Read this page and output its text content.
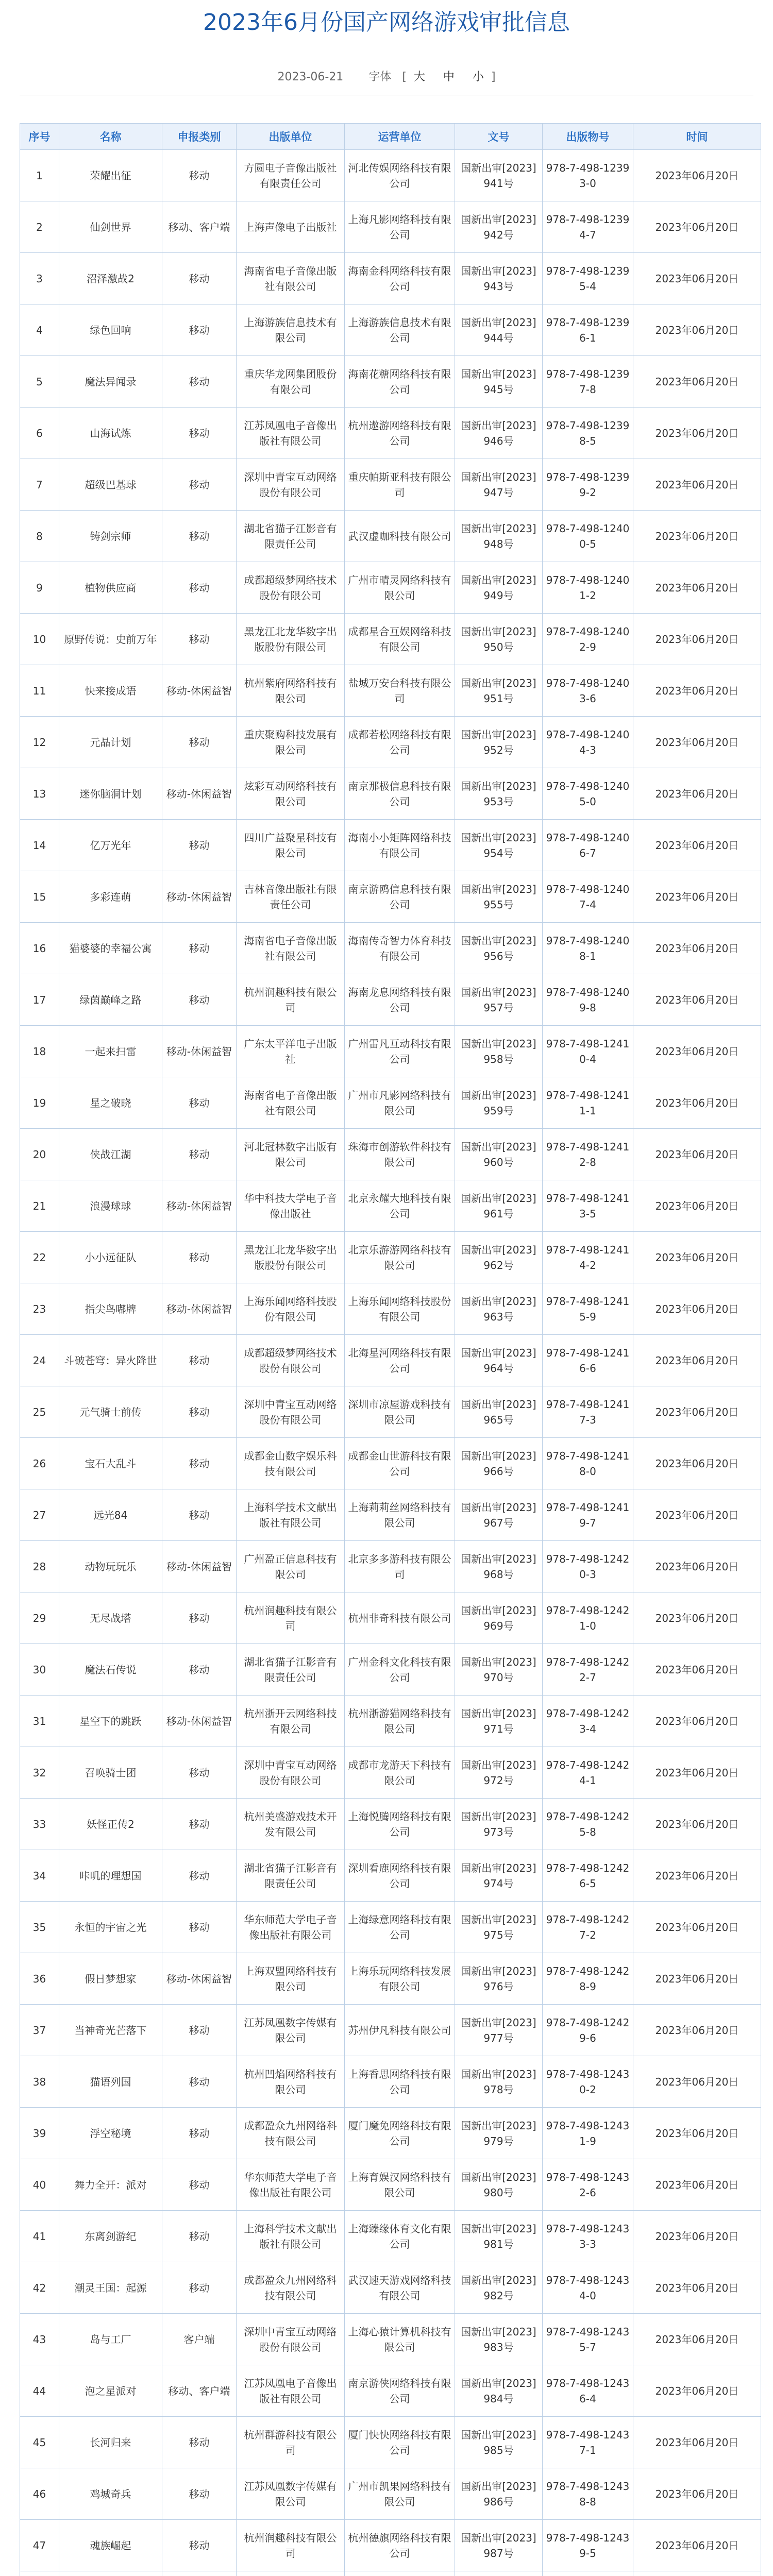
2023年6月份国产网络游戏审批信息
2023-06-21 字体 [ 大 中 小 ]
序号	名称	申报类别	出版单位	运营单位	文号	出版物号	时间
1	荣耀出征	移动	方圆电子音像出版社有限责任公司	河北传娱网络科技有限公司	国新出审[2023]941号	978-7-498-12393-0	2023年06月20日
2	仙剑世界	移动、客户端	上海声像电子出版社	上海凡影网络科技有限公司	国新出审[2023]942号	978-7-498-12394-7	2023年06月20日
3	沼泽激战2	移动	海南省电子音像出版社有限公司	海南金科网络科技有限公司	国新出审[2023]943号	978-7-498-12395-4	2023年06月20日
4	绿色回响	移动	上海游族信息技术有限公司	上海游族信息技术有限公司	国新出审[2023]944号	978-7-498-12396-1	2023年06月20日
5	魔法异闻录	移动	重庆华龙网集团股份有限公司	海南花糖网络科技有限公司	国新出审[2023]945号	978-7-498-12397-8	2023年06月20日
6	山海试炼	移动	江苏凤凰电子音像出版社有限公司	杭州遨游网络科技有限公司	国新出审[2023]946号	978-7-498-12398-5	2023年06月20日
7	超级巴基球	移动	深圳中青宝互动网络股份有限公司	重庆帕斯亚科技有限公司	国新出审[2023]947号	978-7-498-12399-2	2023年06月20日
8	铸剑宗师	移动	湖北省猫子江影音有限责任公司	武汉虚咖科技有限公司	国新出审[2023]948号	978-7-498-12400-5	2023年06月20日
9	植物供应商	移动	成都超级梦网络技术股份有限公司	广州市晴灵网络科技有限公司	国新出审[2023]949号	978-7-498-12401-2	2023年06月20日
10	原野传说：史前万年	移动	黑龙江北龙华数字出版股份有限公司	成都星合互娱网络科技有限公司	国新出审[2023]950号	978-7-498-12402-9	2023年06月20日
11	快来接成语	移动-休闲益智	杭州紫府网络科技有限公司	盐城万安台科技有限公司	国新出审[2023]951号	978-7-498-12403-6	2023年06月20日
12	元晶计划	移动	重庆聚购科技发展有限公司	成都若松网络科技有限公司	国新出审[2023]952号	978-7-498-12404-3	2023年06月20日
13	迷你脑洞计划	移动-休闲益智	炫彩互动网络科技有限公司	南京那极信息科技有限公司	国新出审[2023]953号	978-7-498-12405-0	2023年06月20日
14	亿万光年	移动	四川广益聚星科技有限公司	海南小小矩阵网络科技有限公司	国新出审[2023]954号	978-7-498-12406-7	2023年06月20日
15	多彩连萌	移动-休闲益智	吉林音像出版社有限责任公司	南京游鸥信息科技有限公司	国新出审[2023]955号	978-7-498-12407-4	2023年06月20日
16	猫婆婆的幸福公寓	移动	海南省电子音像出版社有限公司	海南传奇智力体育科技有限公司	国新出审[2023]956号	978-7-498-12408-1	2023年06月20日
17	绿茵巅峰之路	移动	杭州润趣科技有限公司	海南龙息网络科技有限公司	国新出审[2023]957号	978-7-498-12409-8	2023年06月20日
18	一起来扫雷	移动-休闲益智	广东太平洋电子出版社	广州雷凡互动科技有限公司	国新出审[2023]958号	978-7-498-12410-4	2023年06月20日
19	星之破晓	移动	海南省电子音像出版社有限公司	广州市凡影网络科技有限公司	国新出审[2023]959号	978-7-498-12411-1	2023年06月20日
20	侠战江湖	移动	河北冠林数字出版有限公司	珠海市创游软件科技有限公司	国新出审[2023]960号	978-7-498-12412-8	2023年06月20日
21	浪漫球球	移动-休闲益智	华中科技大学电子音像出版社	北京永耀大地科技有限公司	国新出审[2023]961号	978-7-498-12413-5	2023年06月20日
22	小小远征队	移动	黑龙江北龙华数字出版股份有限公司	北京乐游游网络科技有限公司	国新出审[2023]962号	978-7-498-12414-2	2023年06月20日
23	指尖鸟嘟牌	移动-休闲益智	上海乐闻网络科技股份有限公司	上海乐闻网络科技股份有限公司	国新出审[2023]963号	978-7-498-12415-9	2023年06月20日
24	斗破苍穹：异火降世	移动	成都超级梦网络技术股份有限公司	北海星河网络科技有限公司	国新出审[2023]964号	978-7-498-12416-6	2023年06月20日
25	元气骑士前传	移动	深圳中青宝互动网络股份有限公司	深圳市凉屋游戏科技有限公司	国新出审[2023]965号	978-7-498-12417-3	2023年06月20日
26	宝石大乱斗	移动	成都金山数字娱乐科技有限公司	成都金山世游科技有限公司	国新出审[2023]966号	978-7-498-12418-0	2023年06月20日
27	远光84	移动	上海科学技术文献出版社有限公司	上海莉莉丝网络科技有限公司	国新出审[2023]967号	978-7-498-12419-7	2023年06月20日
28	动物玩玩乐	移动-休闲益智	广州盈正信息科技有限公司	北京多多游科技有限公司	国新出审[2023]968号	978-7-498-12420-3	2023年06月20日
29	无尽战塔	移动	杭州润趣科技有限公司	杭州非奇科技有限公司	国新出审[2023]969号	978-7-498-12421-0	2023年06月20日
30	魔法石传说	移动	湖北省猫子江影音有限责任公司	广州金科文化科技有限公司	国新出审[2023]970号	978-7-498-12422-7	2023年06月20日
31	星空下的跳跃	移动-休闲益智	杭州浙开云网络科技有限公司	杭州浙游猫网络科技有限公司	国新出审[2023]971号	978-7-498-12423-4	2023年06月20日
32	召唤骑士团	移动	深圳中青宝互动网络股份有限公司	成都市龙游天下科技有限公司	国新出审[2023]972号	978-7-498-12424-1	2023年06月20日
33	妖怪正传2	移动	杭州美盛游戏技术开发有限公司	上海悦腾网络科技有限公司	国新出审[2023]973号	978-7-498-12425-8	2023年06月20日
34	咔叽的理想国	移动	湖北省猫子江影音有限责任公司	深圳看鹿网络科技有限公司	国新出审[2023]974号	978-7-498-12426-5	2023年06月20日
35	永恒的宇宙之光	移动	华东师范大学电子音像出版社有限公司	上海绿意网络科技有限公司	国新出审[2023]975号	978-7-498-12427-2	2023年06月20日
36	假日梦想家	移动-休闲益智	上海双盟网络科技有限公司	上海乐玩网络科技发展有限公司	国新出审[2023]976号	978-7-498-12428-9	2023年06月20日
37	当神奇光芒落下	移动	江苏凤凰数字传媒有限公司	苏州伊凡科技有限公司	国新出审[2023]977号	978-7-498-12429-6	2023年06月20日
38	猫语列国	移动	杭州凹焰网络科技有限公司	上海香思网络科技有限公司	国新出审[2023]978号	978-7-498-12430-2	2023年06月20日
39	浮空秘境	移动	成都盈众九州网络科技有限公司	厦门魔免网络科技有限公司	国新出审[2023]979号	978-7-498-12431-9	2023年06月20日
40	舞力全开：派对	移动	华东师范大学电子音像出版社有限公司	上海育娱汉网络科技有限公司	国新出审[2023]980号	978-7-498-12432-6	2023年06月20日
41	东离剑游纪	移动	上海科学技术文献出版社有限公司	上海臻缘体育文化有限公司	国新出审[2023]981号	978-7-498-12433-3	2023年06月20日
42	潮灵王国：起源	移动	成都盈众九州网络科技有限公司	武汉速天游戏网络科技有限公司	国新出审[2023]982号	978-7-498-12434-0	2023年06月20日
43	岛与工厂	客户端	深圳中青宝互动网络股份有限公司	上海心猿计算机科技有限公司	国新出审[2023]983号	978-7-498-12435-7	2023年06月20日
44	泡之星派对	移动、客户端	江苏凤凰电子音像出版社有限公司	南京游侠网络科技有限公司	国新出审[2023]984号	978-7-498-12436-4	2023年06月20日
45	长河归来	移动	杭州群游科技有限公司	厦门快快网络科技有限公司	国新出审[2023]985号	978-7-498-12437-1	2023年06月20日
46	鸡城奇兵	移动	江苏凤凰数字传媒有限公司	广州市凯果网络科技有限公司	国新出审[2023]986号	978-7-498-12438-8	2023年06月20日
47	魂族崛起	移动	杭州润趣科技有限公司	杭州德旗网络科技有限公司	国新出审[2023]987号	978-7-498-12439-5	2023年06月20日
